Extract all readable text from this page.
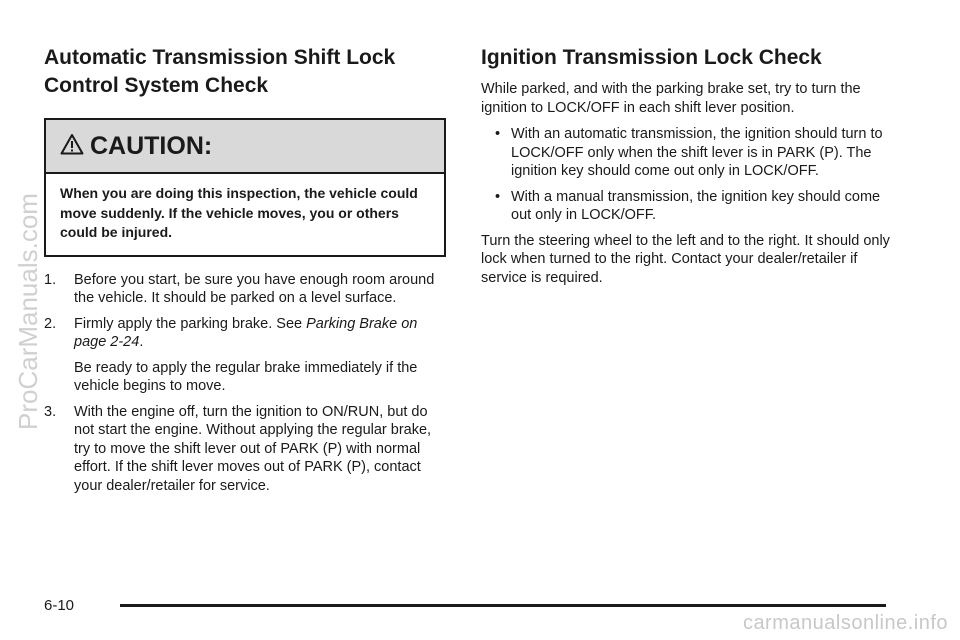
Automatic Transmission Shift Lock Control System Check
CAUTION:
When you are doing this inspection, the vehicle could move suddenly. If the vehicle moves, you or others could be injured.
1.	Before you start, be sure you have enough room around the vehicle. It should be parked on a level surface.
2.	Firmly apply the parking brake. See Parking Brake on page 2-24.
Be ready to apply the regular brake immediately if the vehicle begins to move.
3.	With the engine off, turn the ignition to ON/RUN, but do not start the engine. Without applying the regular brake, try to move the shift lever out of PARK (P) with normal effort. If the shift lever moves out of PARK (P), contact your dealer/retailer for service.
Ignition Transmission Lock Check
While parked, and with the parking brake set, try to turn the ignition to LOCK/OFF in each shift lever position.
• With an automatic transmission, the ignition should turn to LOCK/OFF only when the shift lever is in PARK (P). The ignition key should come out only in LOCK/OFF.
• With a manual transmission, the ignition key should come out only in LOCK/OFF.
Turn the steering wheel to the left and to the right. It should only lock when turned to the right. Contact your dealer/retailer if service is required.
ProCarManuals.com
6-10
carmanualsonline.info
